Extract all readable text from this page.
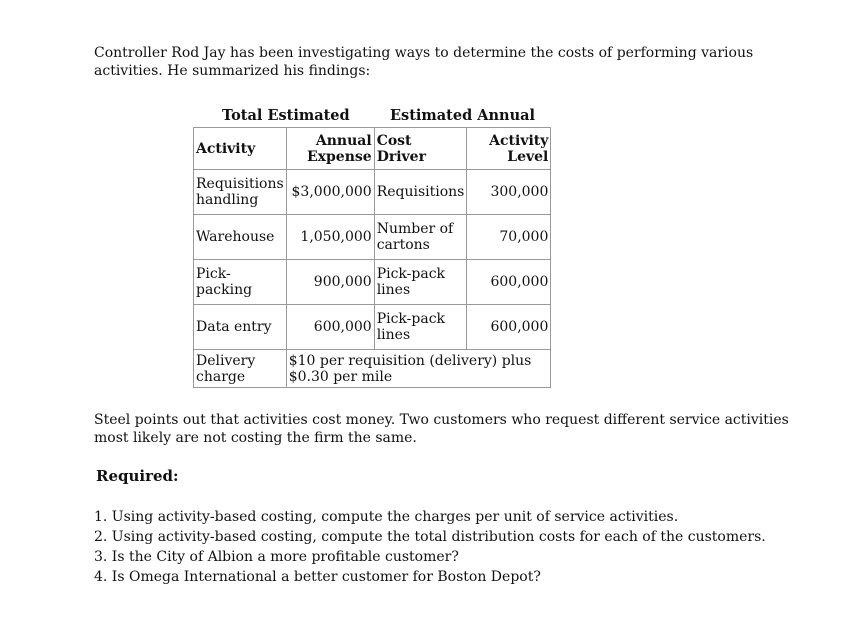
Controller Rod Jay has been investigating ways to determine the costs of performing various activities. He summarized his findings:
Total Estimated	Estimated Annual
Activity	Annual Expense	Cost Driver	Activity Level
Requisitions handling	$3,000,000	Requisitions	300,000
Warehouse	1,050,000	Number of cartons	70,000
Pick-packing	900,000	Pick-pack lines	600,000
Data entry	600,000	Pick-pack lines	600,000
Delivery charge	$10 per requisition (delivery) plus $0.30 per mile		
Steel points out that activities cost money. Two customers who request different service activities most likely are not costing the firm the same.
Required:
1. Using activity-based costing, compute the charges per unit of service activities.
2. Using activity-based costing, compute the total distribution costs for each of the customers.
3. Is the City of Albion a more profitable customer?
4. Is Omega International a better customer for Boston Depot?
